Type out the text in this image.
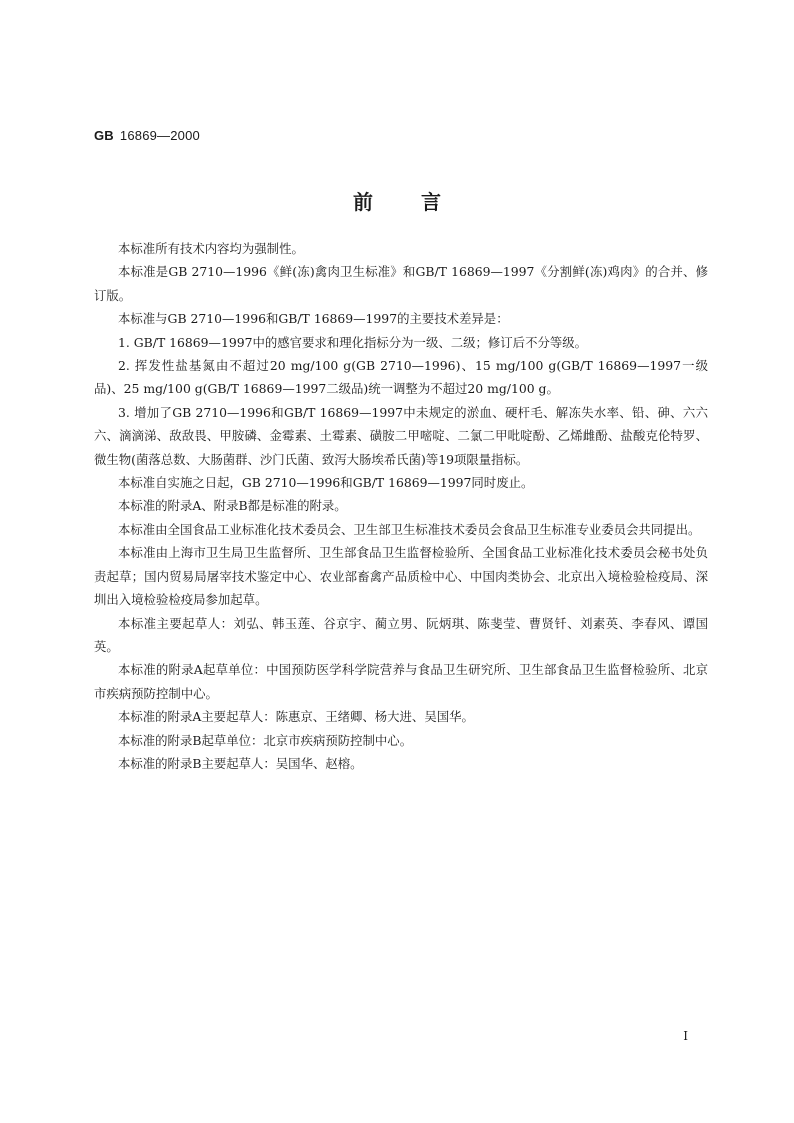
GB 16869—2000
前言

本标准所有技术内容均为强制性。

本标准是GB 2710—1996《鲜(冻)禽肉卫生标准》和GB/T 16869—1997《分割鲜(冻)鸡肉》的合并、修订版。

本标准与GB 2710—1996和GB/T 16869—1997的主要技术差异是：

1. GB/T 16869—1997中的感官要求和理化指标分为一级、二级；修订后不分等级。

2. 挥发性盐基氮由不超过20 mg/100 g(GB 2710—1996)、15 mg/100 g(GB/T 16869—1997一级品)、25 mg/100 g(GB/T 16869—1997二级品)统一调整为不超过20 mg/100 g。

3. 增加了GB 2710—1996和GB/T 16869—1997中未规定的淤血、硬杆毛、解冻失水率、铅、砷、六六六、滴滴涕、敌敌畏、甲胺磷、金霉素、土霉素、磺胺二甲嘧啶、二氯二甲吡啶酚、乙烯雌酚、盐酸克伦特罗、微生物(菌落总数、大肠菌群、沙门氏菌、致泻大肠埃希氏菌)等19项限量指标。

本标准自实施之日起，GB 2710—1996和GB/T 16869—1997同时废止。

本标准的附录A、附录B都是标准的附录。

本标准由全国食品工业标准化技术委员会、卫生部卫生标准技术委员会食品卫生标准专业委员会共同提出。

本标准由上海市卫生局卫生监督所、卫生部食品卫生监督检验所、全国食品工业标准化技术委员会秘书处负责起草；国内贸易局屠宰技术鉴定中心、农业部畜禽产品质检中心、中国肉类协会、北京出入境检验检疫局、深圳出入境检验检疫局参加起草。

本标准主要起草人：刘弘、韩玉莲、谷京宇、蔺立男、阮炳琪、陈斐莹、曹贤钎、刘素英、李春风、谭国英。

本标准的附录A起草单位：中国预防医学科学院营养与食品卫生研究所、卫生部食品卫生监督检验所、北京市疾病预防控制中心。

本标准的附录A主要起草人：陈惠京、王绪卿、杨大进、吴国华。

本标准的附录B起草单位：北京市疾病预防控制中心。

本标准的附录B主要起草人：吴国华、赵榕。

I
